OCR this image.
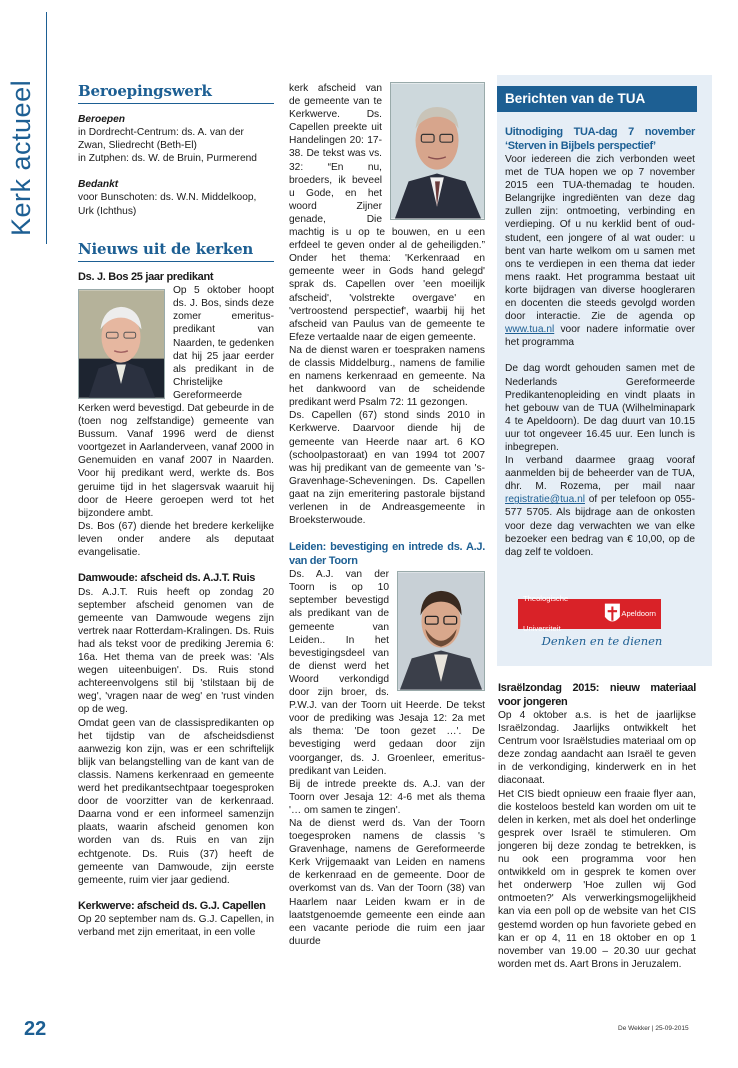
Kerk actueel	Beroepingswerk
Beroepen

in Dordrecht-Centrum: ds. A. van der Zwan, Sliedrecht (Beth-El)

in Zutphen: ds. W. de Bruin, Purmerend

Bedankt

voor Bunschoten: ds. W.N. Middelkoop, Urk (Ichthus)

Nieuws uit de kerken
Ds. J. Bos 25 jaar predikant

Op 5 oktober hoopt ds. J. Bos, sinds deze zomer emerituspredikant van Naarden, te gedenken dat hij 25 jaar eerder als predikant in de Christelijke Gereformeerde Kerken werd bevestigd. Dat gebeurde in de (toen nog zelfstandige) gemeente van Bussum. Vanaf 1996 werd de dienst voortgezet in Aarlanderveen, vanaf 2000 in Genemuiden en vanaf 2007 in Naarden. Voor hij predikant werd, werkte ds. Bos geruime tijd in het slagersvak waaruit hij door de Heere geroepen werd tot het bijzondere ambt.

Ds. Bos (67) diende het bredere kerkelijke leven onder andere als deputaat evangelisatie.

Damwoude: afscheid ds. A.J.T. Ruis

Ds. A.J.T. Ruis heeft op zondag 20 september afscheid genomen van de gemeente van Damwoude wegens zijn vertrek naar Rotterdam-Kralingen. Ds. Ruis had als tekst voor de prediking Jeremia 6: 16a. Het thema van de preek was: 'Als wegen uiteenbuigen'. Ds. Ruis stond achtereenvolgens stil bij 'stilstaan bij de weg', 'vragen naar de weg' en 'rust vinden op de weg.

Omdat geen van de classispredikanten op het tijdstip van de afscheidsdienst aanwezig kon zijn, was er een schriftelijk blijk van belangstelling van de kant van de classis. Namens kerkenraad en gemeente werd het predikantsechtpaar toegesproken door de voorzitter van de kerkenraad. Daarna vond er een informeel samenzijn plaats, waarin afscheid genomen kon worden van ds. Ruis en van zijn echtgenote. Ds. Ruis (37) heeft de gemeente van Damwoude, zijn eerste gemeente, ruim vier jaar gediend.

Kerkwerve: afscheid ds. G.J. Capellen

Op 20 september nam ds. G.J. Capellen, in verband met zijn emeritaat, in een volle

kerk afscheid van de gemeente van te Kerkwerve. Ds. Capellen preekte uit Handelingen 20: 17-38. De tekst was vs. 32: “En nu, broeders, ik beveel u Gode, en het woord Zijner genade, Die machtig is u op te bouwen, en u een erfdeel te geven onder al de geheiligden.” Onder het thema: 'Kerkenraad en gemeente weer in Gods hand gelegd' sprak ds. Capellen over 'een moeilijk afscheid', 'volstrekte overgave' en 'vertroostend perspectief', waarbij hij het afscheid van Paulus van de gemeente te Efeze vertaalde naar de eigen gemeente.

Na de dienst waren er toespraken namens de classis Middelburg., namens de familie en namens kerkenraad en gemeente. Na het dankwoord van de scheidende predikant werd Psalm 72: 11 gezongen.

Ds. Capellen (67) stond sinds 2010 in Kerkwerve. Daarvoor diende hij de gemeente van Heerde naar art. 6 KO (schoolpastoraat) en van 1994 tot 2007 was hij predikant van de gemeente van 's-Gravenhage-Scheveningen. Ds. Capellen gaat na zijn emeritering pastorale bijstand verlenen in de Andreasgemeente in Broeksterwoude.

Leiden: bevestiging en intrede ds. A.J. van der Toorn

Ds. A.J. van der Toorn is op 10 september bevestigd als predikant van de gemeente van Leiden.. In het bevestigingsdeel van de dienst werd het Woord verkondigd door zijn broer, ds. P.W.J. van der Toorn uit Heerde. De tekst voor de prediking was Jesaja 12: 2a met als thema: 'De toon gezet …'. De bevestiging werd gedaan door zijn voorganger, ds. J. Groenleer, emerituspredikant van Leiden.

Bij de intrede preekte ds. A.J. van der Toorn over Jesaja 12: 4-6 met als thema '… om samen te zingen'.

Na de dienst werd ds. Van der Toorn toegesproken namens de classis 's Gravenhage, namens de Gereformeerde Kerk Vrijgemaakt van Leiden en namens de kerkenraad en de gemeente. Door de overkomst van ds. Van der Toorn (38) van Haarlem naar Leiden kwam er in de laatstgenoemde gemeente een einde aan een vacante periode die ruim een jaar duurde

Berichten van de TUA
Uitnodiging TUA-dag 7 november ‘Sterven in Bijbels perspectief’

Voor iedereen die zich verbonden weet met de TUA hopen we op 7 november 2015 een TUA-themadag te houden. Belangrijke ingrediënten van deze dag zullen zijn: ontmoeting, verbinding en verdieping. Of u nu kerklid bent of oud-student, een jongere of al wat ouder: u bent van harte welkom om u samen met ons te verdiepen in een thema dat ieder mens raakt. Het programma bestaat uit korte bijdragen van diverse hoogleraren en docenten die steeds gevolgd worden door interactie. Zie de agenda op www.tua.nl voor nadere informatie over het programma

De dag wordt gehouden samen met de Nederlands Gereformeerde Predikantenopleiding en vindt plaats in het gebouw van de TUA (Wilhelminapark 4 te Apeldoorn). De dag duurt van 10.15 uur tot ongeveer 16.45 uur. Een lunch is inbegrepen.

In verband daarmee graag vooraf aanmelden bij de beheerder van de TUA, dhr. M. Rozema, per mail naar registratie@tua.nl of per telefoon op 055-577 5705. Als bijdrage aan de onkosten voor deze dag verwachten we van elke bezoeker een bedrag van € 10,00, op de dag zelf te voldoen.

Theologische Universiteit
Apeldoorn
Denken en te dienen
Israëlzondag 2015: nieuw materiaal voor jongeren

Op 4 oktober a.s. is het de jaarlijkse Israëlzondag. Jaarlijks ontwikkelt het Centrum voor Israëlstudies materiaal om op deze zondag aandacht aan Israël te geven in de verkondiging, kinderwerk en in het diaconaat.

Het CIS biedt opnieuw een fraaie flyer aan, die kosteloos besteld kan worden om uit te delen in kerken, met als doel het onderlinge gesprek over Israël te stimuleren. Om jongeren bij deze zondag te betrekken, is nu ook een programma voor hen ontwikkeld om in gesprek te komen over het onderwerp 'Hoe zullen wij God ontmoeten?' Als verwerkingsmogelijkheid kan via een poll op de website van het CIS gestemd worden op hun favoriete gebed en kan er op 4, 11 en 18 oktober en op 1 november van 19.00 – 20.30 uur gechat worden met ds. Aart Brons in Jeruzalem.

22	De Wekker | 25-09-2015
